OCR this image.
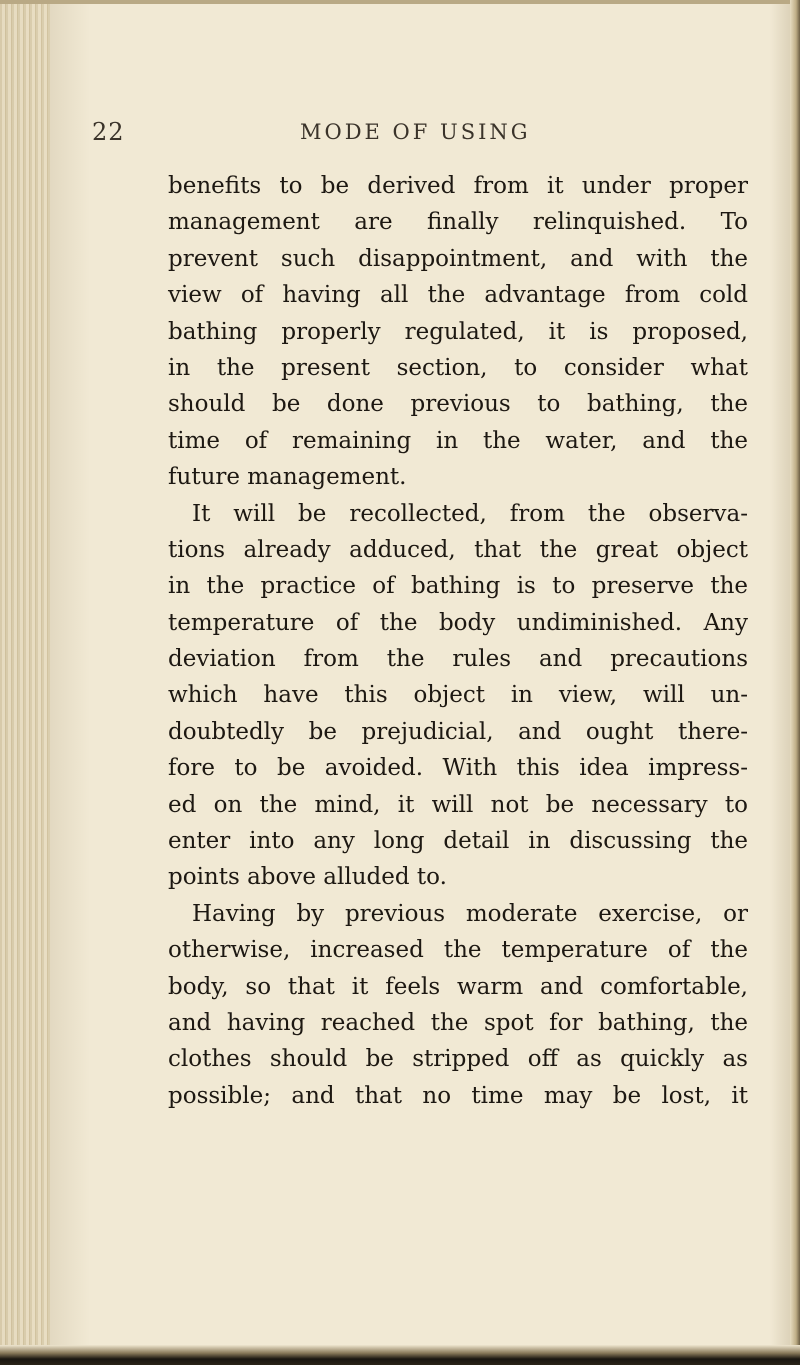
22	MODE OF USING
benefits to be derived from it under proper
management are finally relinquished. To
prevent such disappointment, and with the
view of having all the advantage from cold
bathing properly regulated, it is proposed,
in the present section, to consider what
should be done previous to bathing, the
time of remaining in the water, and the
future management.
It will be recollected, from the observa-
tions already adduced, that the great object
in the practice of bathing is to preserve the
temperature of the body undiminished. Any
deviation from the rules and precautions
which have this object in view, will un-
doubtedly be prejudicial, and ought there-
fore to be avoided. With this idea impress-
ed on the mind, it will not be necessary to
enter into any long detail in discussing the
points above alluded to.
Having by previous moderate exercise, or
otherwise, increased the temperature of the
body, so that it feels warm and comfortable,
and having reached the spot for bathing, the
clothes should be stripped off as quickly as
possible; and that no time may be lost, it
